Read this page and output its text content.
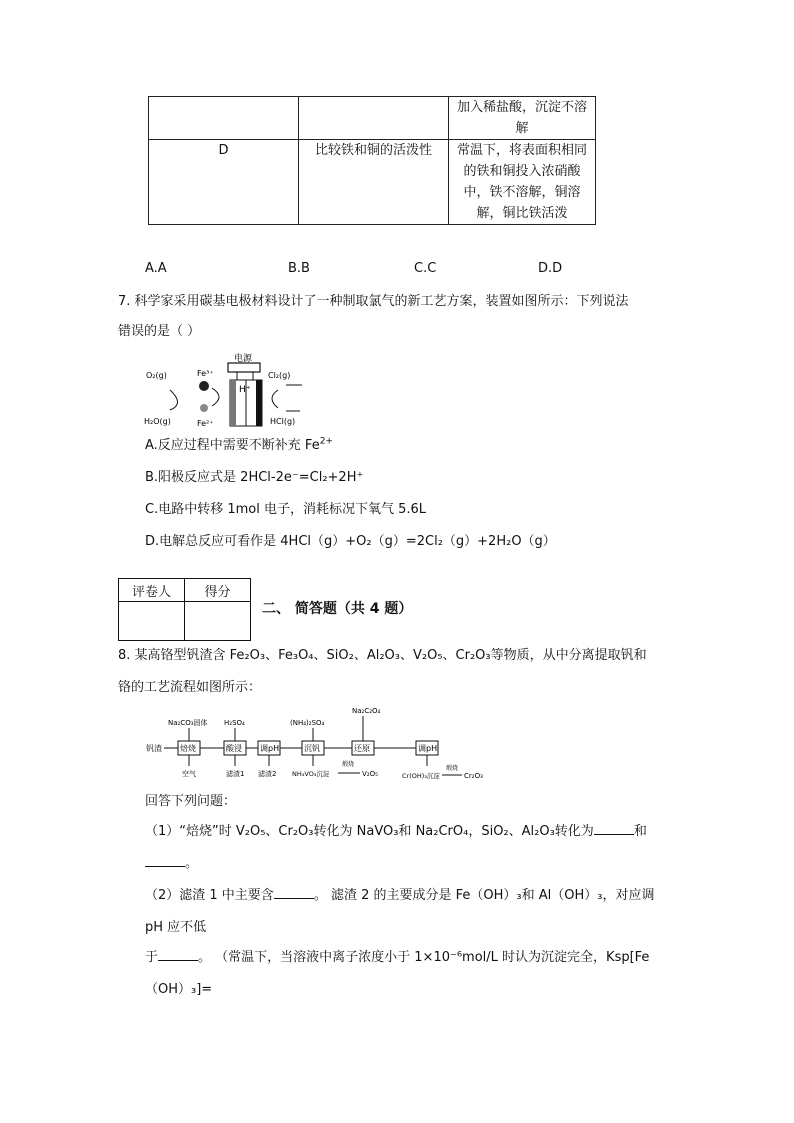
		加入稀盐酸，沉淀不溶解
D	比较铁和铜的活泼性	常温下，将表面积相同的铁和铜投入浓硝酸中，铁不溶解，铜溶解，铜比铁活泼
A.A	B.B	C.C	D.D
7. 科学家采用碳基电极材料设计了一种制取氯气的新工艺方案，装置如图所示：下列说法
错误的是（ ）
电源
H⁺
O₂(g)
H₂O(g)
Fe³⁺
Fe²⁺
Cl₂(g)
HCl(g)
A.反应过程中需要不断补充 $Fe^{2+}$
B.阳极反应式是 2HCl-2e⁻=Cl₂+2H⁺
C.电路中转移 1mol 电子，消耗标况下氧气 5.6L
D.电解总反应可看作是 4HCl（g）+O₂（g）=2Cl₂（g）+2H₂O（g）
评卷人	得分

二、 简答题（共 4 题）
8. 某高铬型钒渣含 Fe₂O₃、Fe₃O₄、SiO₂、Al₂O₃、V₂O₅、Cr₂O₃等物质，从中分离提取钒和
铬的工艺流程如图所示：
钒渣 焙烧	酸浸 调pH	沉钒	还原	调pH
Na₂CO₃固体 H₂SO₄	(NH₄)₂SO₄
Na₂C₂O₄
空气	滤渣1 滤渣2 NH₄VO₃沉淀
煅烧
V₂O₅	Cr(OH)₃沉淀
煅烧
Cr₂O₃
回答下列问题：
（1）“焙烧”时 V₂O₅、Cr₂O₃转化为 NaVO₃和 Na₂CrO₄，SiO₂、Al₂O₃转化为	和
。
（2）滤渣 1 中主要含	。 滤渣 2 的主要成分是 Fe（OH）₃和 Al（OH）₃，对应调
pH 应不低
于	。 （常温下，当溶液中离子浓度小于 1×10⁻⁶mol/L 时认为沉淀完全，Ksp[Fe
（OH）₃]=
